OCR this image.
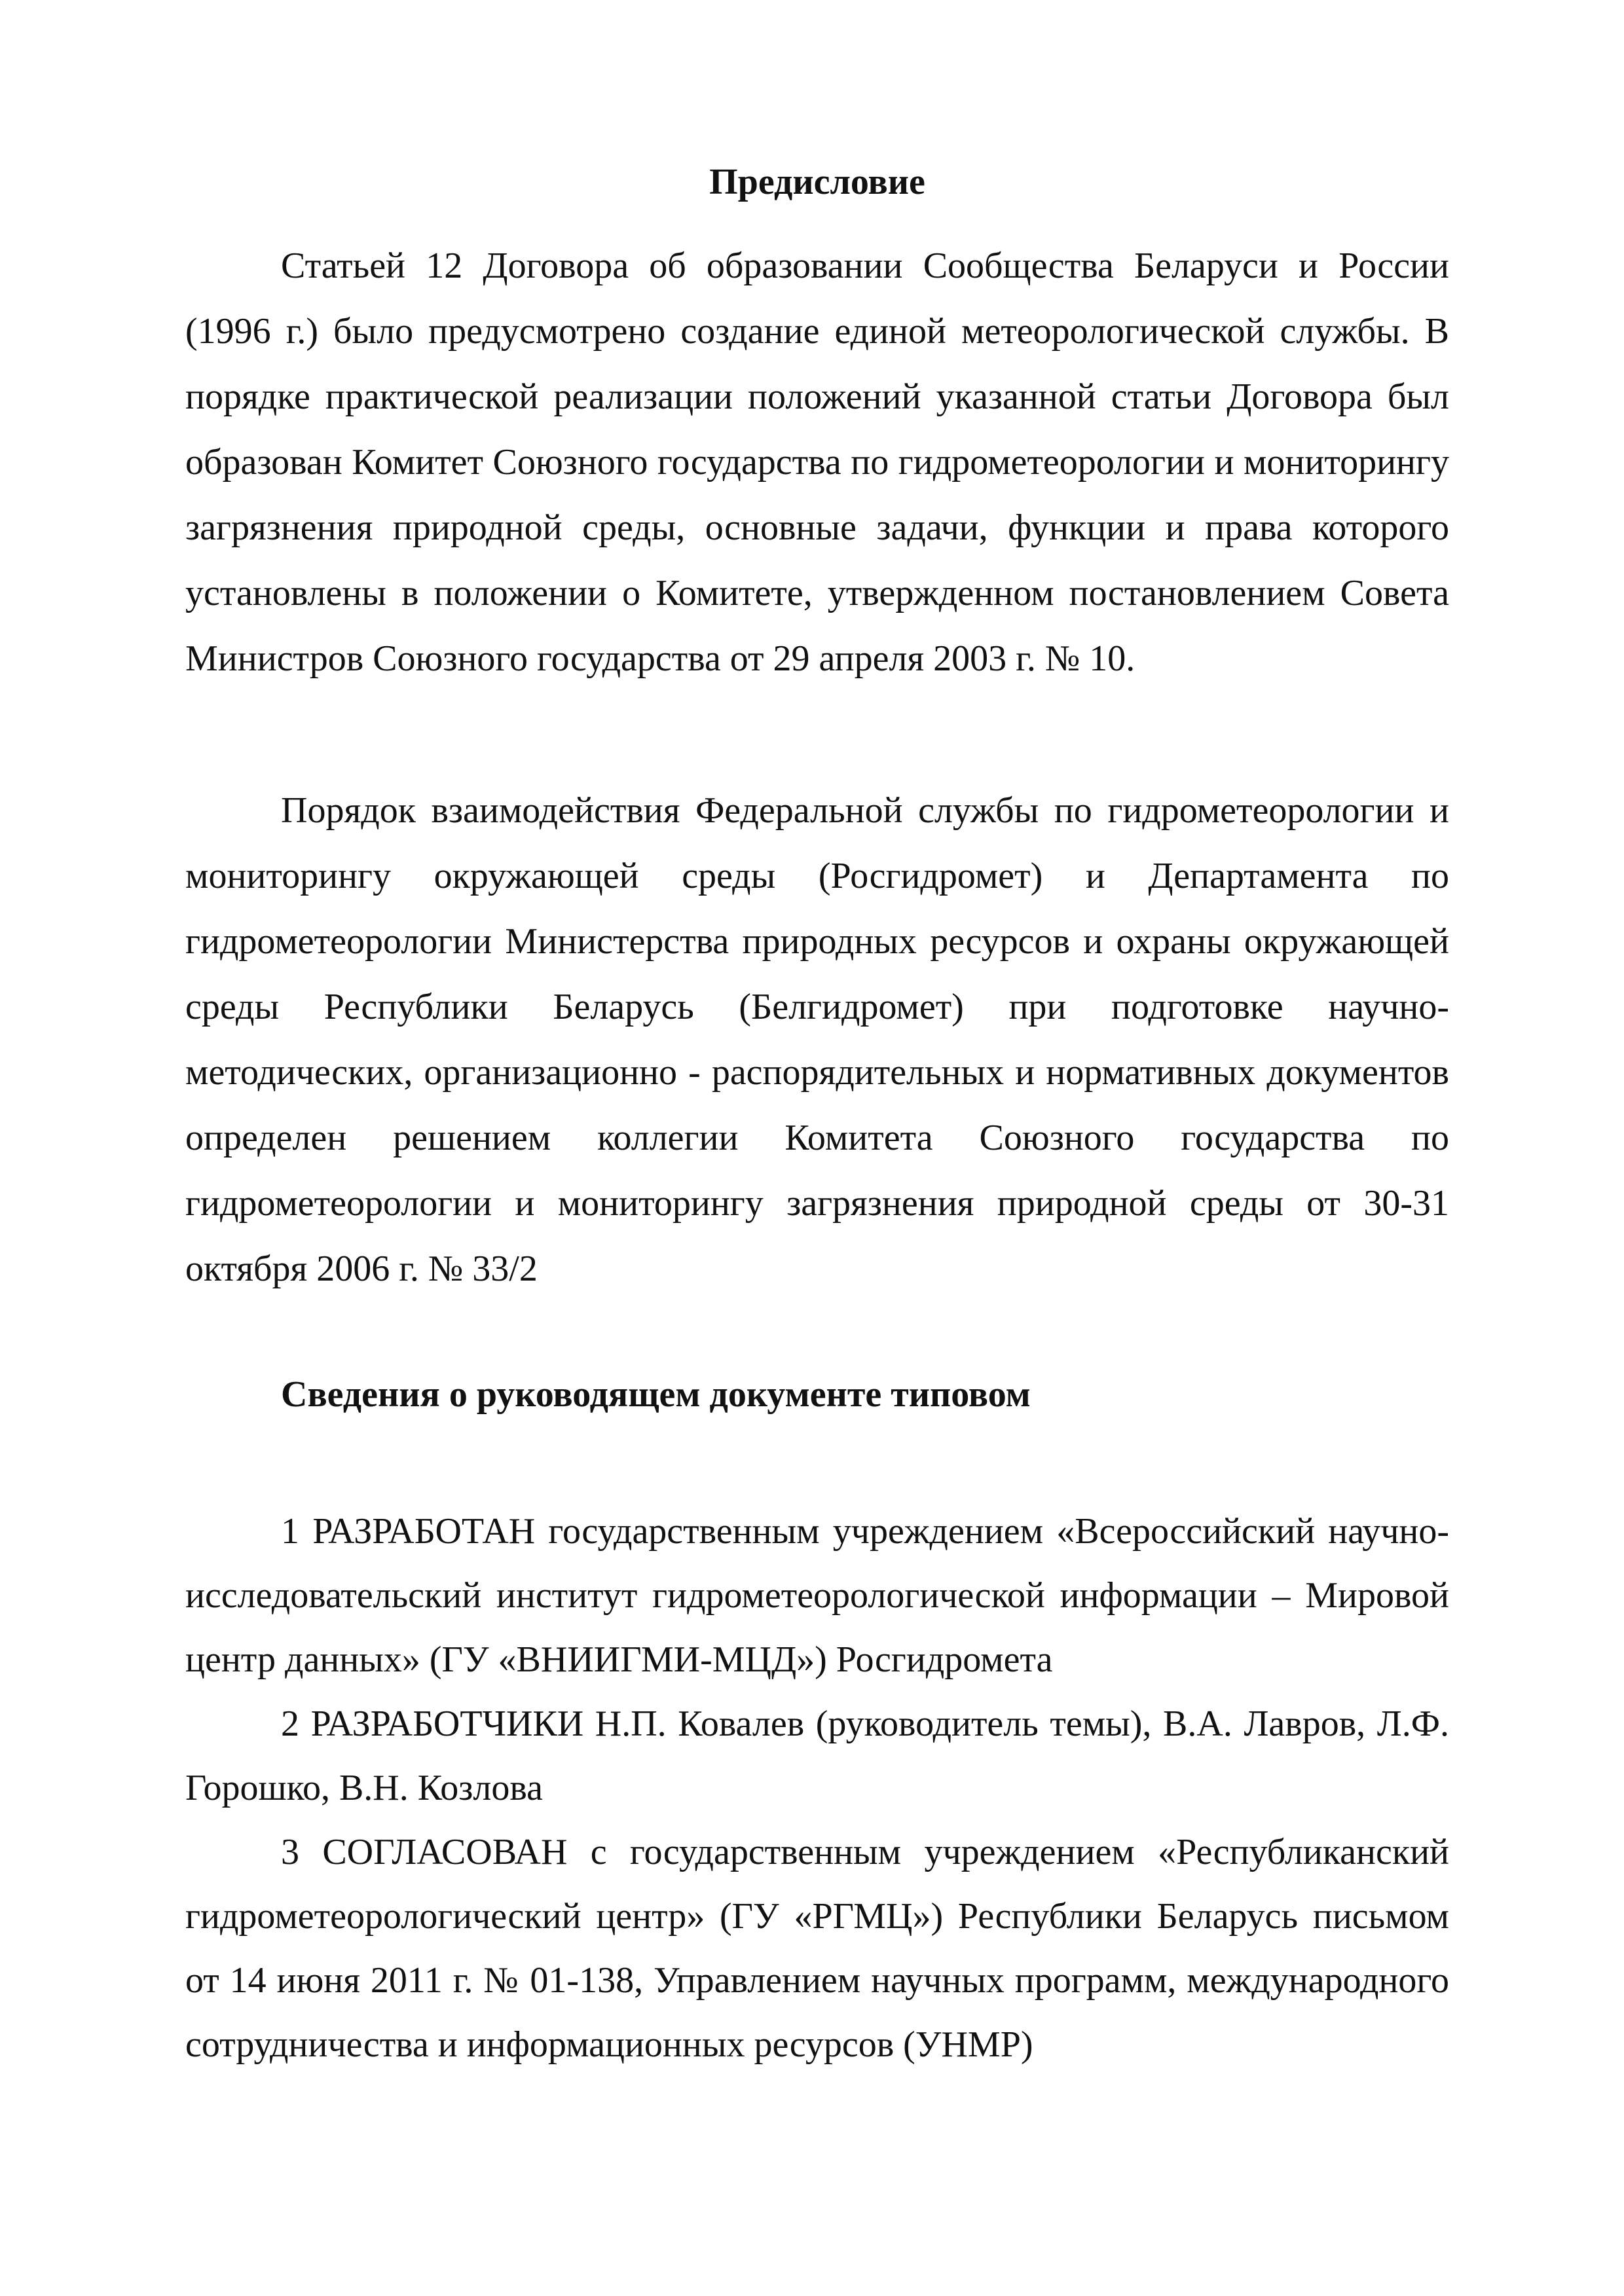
Предисловие

Статьей 12 Договора об образовании Сообщества Беларуси и России (1996 г.) было предусмотрено создание единой метеорологической службы. В порядке практической реализации положений указанной статьи Договора был образован Комитет Союзного государства по гидрометеорологии и мониторингу загрязнения природной среды, основные задачи, функции и права которого установлены в положении о Комитете, утвержденном постановлением Совета Министров Союзного государства от 29 апреля 2003 г. № 10.

Порядок взаимодействия Федеральной службы по гидрометеорологии и мониторингу окружающей среды (Росгидромет) и Департамента по гидрометеорологии Министерства природных ресурсов и охраны окружающей среды Республики Беларусь (Белгидромет) при подготовке научно-методических, организационно - распорядительных и нормативных документов определен решением коллегии Комитета Союзного государства по гидрометеорологии и мониторингу загрязнения природной среды от 30-31 октября 2006 г. № 33/2

Сведения о руководящем документе типовом

1 РАЗРАБОТАН государственным учреждением «Всероссийский научно-исследовательский институт гидрометеорологической информации – Мировой центр данных» (ГУ «ВНИИГМИ-МЦД») Росгидромета

2 РАЗРАБОТЧИКИ Н.П. Ковалев (руководитель темы), В.А. Лавров, Л.Ф. Горошко, В.Н. Козлова

3 СОГЛАСОВАН с государственным учреждением «Республиканский гидрометеорологический центр» (ГУ «РГМЦ») Республики Беларусь письмом от 14 июня 2011 г. № 01-138, Управлением научных программ, международного сотрудничества и информационных ресурсов (УНМР)
